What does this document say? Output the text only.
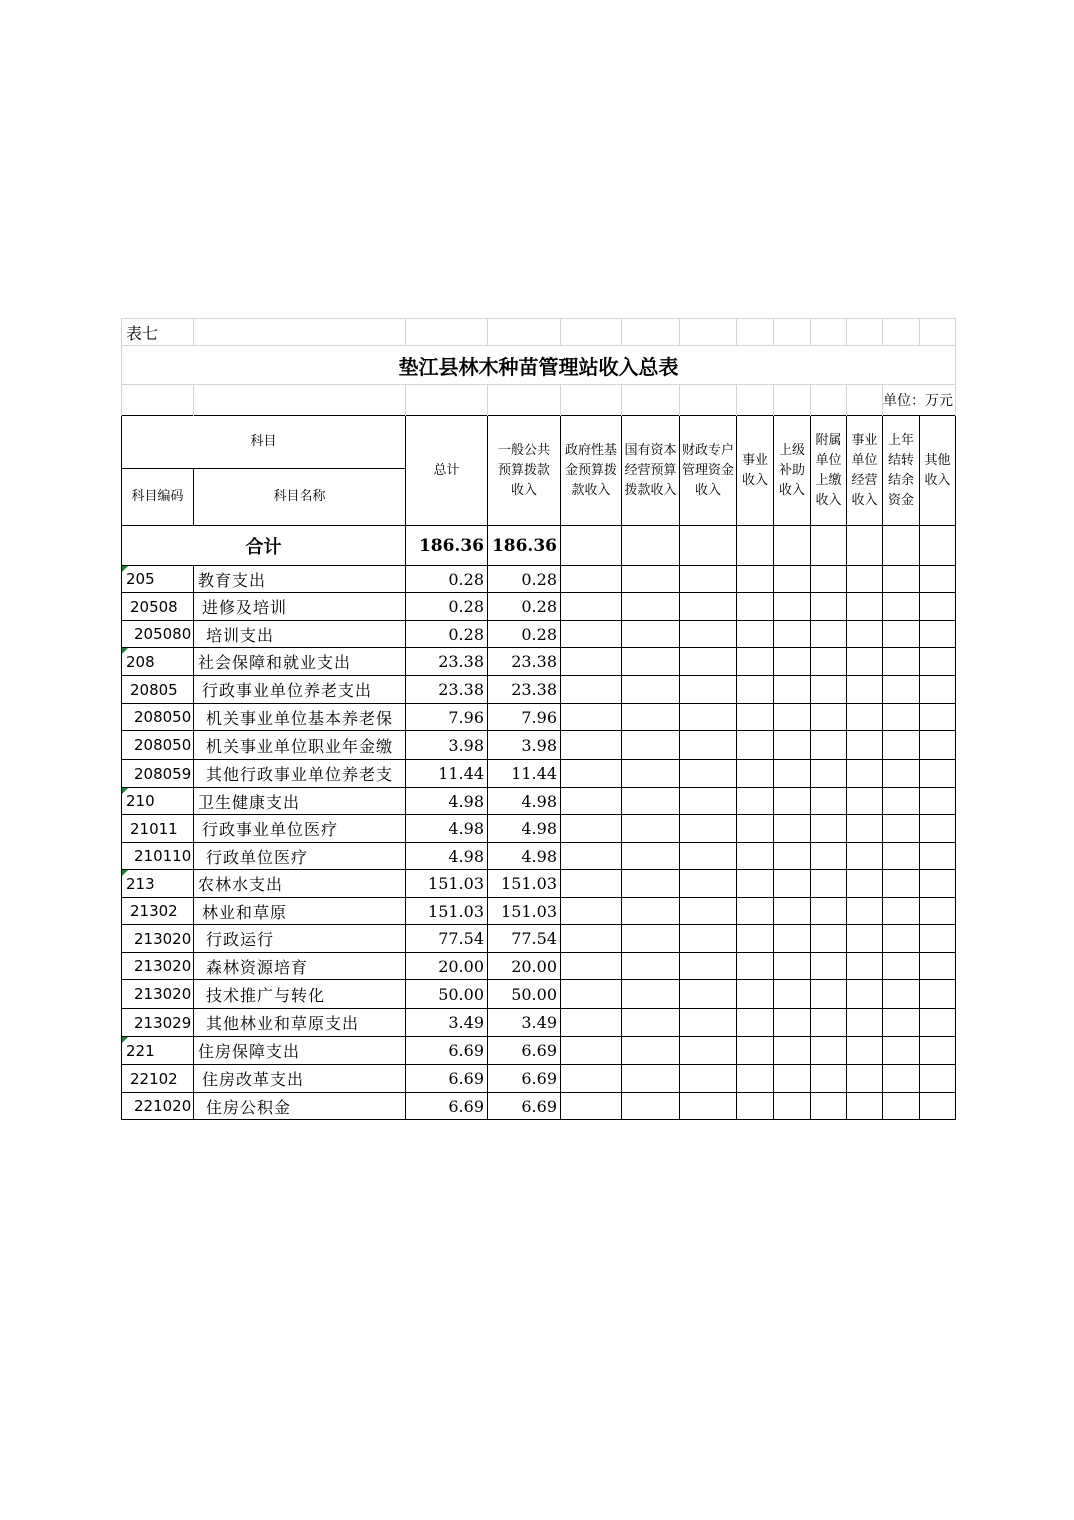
表七												
垫江县林木种苗管理站收入总表												
											单位：万元	
科目		总计	一般公共预算拨款收入	政府性基金预算拨款收入	国有资本经营预算拨款收入	财政专户管理资金收入	事业收入	上级补助收入	附属单位上缴收入	事业单位经营收入	上年结转结余资金	其他收入
科目编码	科目名称											
合计		186.36	186.36									

205	教育支出	0.28	0.28									
20508	进修及培训	0.28	0.28									
205080	培训支出	0.28	0.28									

208	社会保障和就业支出	23.38	23.38									
20805	行政事业单位养老支出	23.38	23.38									
208050	机关事业单位基本养老保	7.96	7.96									
208050	机关事业单位职业年金缴	3.98	3.98									
208059	其他行政事业单位养老支	11.44	11.44									

210	卫生健康支出	4.98	4.98									
21011	行政事业单位医疗	4.98	4.98									
210110	行政单位医疗	4.98	4.98									

213	农林水支出	151.03	151.03									
21302	林业和草原	151.03	151.03									
213020	行政运行	77.54	77.54									
213020	森林资源培育	20.00	20.00									
213020	技术推广与转化	50.00	50.00									
213029	其他林业和草原支出	3.49	3.49									

221	住房保障支出	6.69	6.69									
22102	住房改革支出	6.69	6.69									
221020	住房公积金	6.69	6.69									
